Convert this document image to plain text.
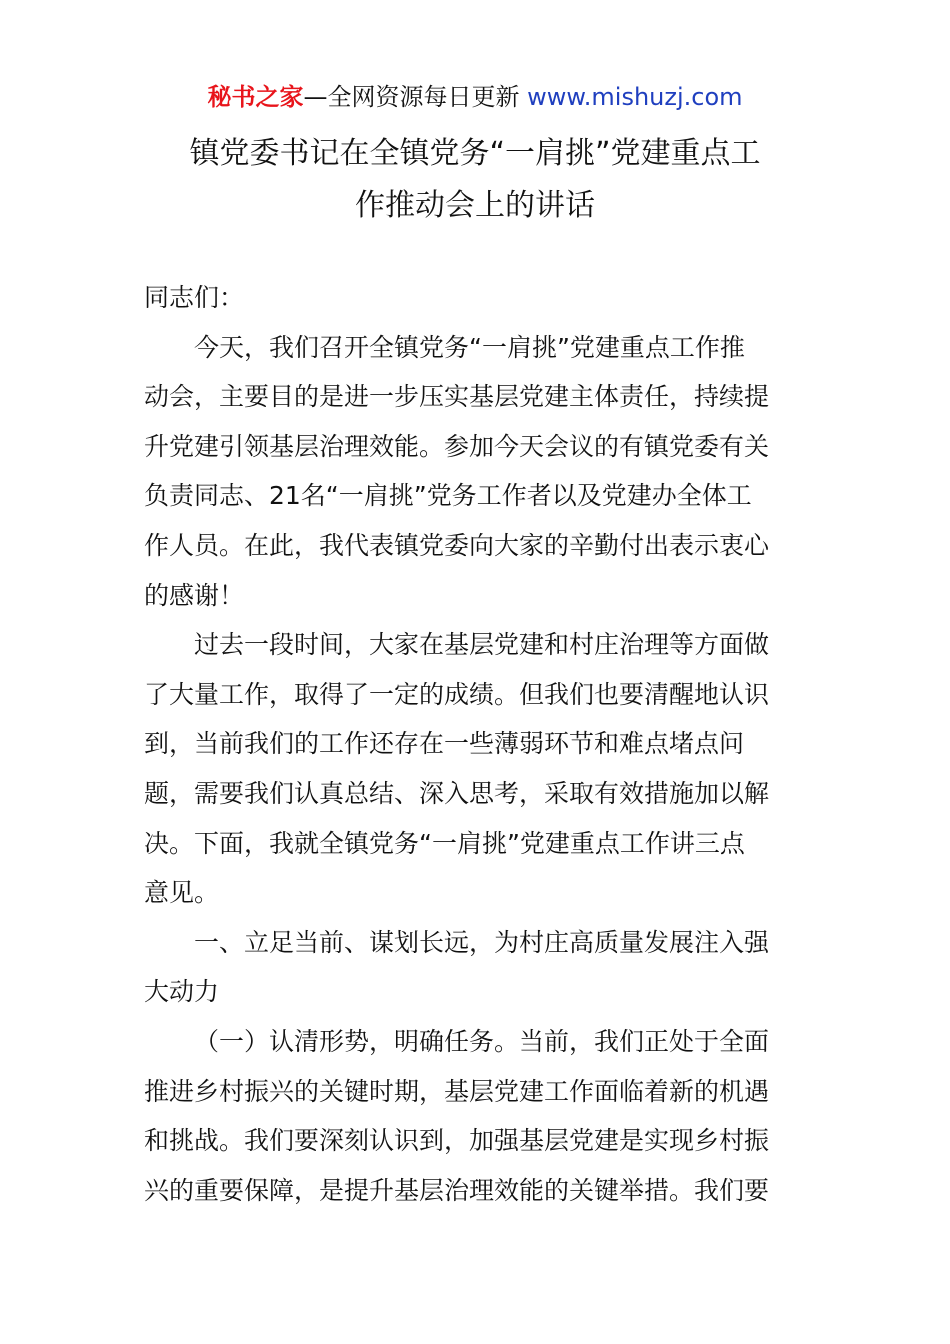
秘书之家—全网资源每日更新 www.mishuzj.com
镇党委书记在全镇党务“一肩挑”党建重点工
作推动会上的讲话
同志们：
今天，我们召开全镇党务“一肩挑”党建重点工作推
动会，主要目的是进一步压实基层党建主体责任，持续提
升党建引领基层治理效能。参加今天会议的有镇党委有关
负责同志、21名“一肩挑”党务工作者以及党建办全体工
作人员。在此，我代表镇党委向大家的辛勤付出表示衷心
的感谢！
过去一段时间，大家在基层党建和村庄治理等方面做
了大量工作，取得了一定的成绩。但我们也要清醒地认识
到，当前我们的工作还存在一些薄弱环节和难点堵点问
题，需要我们认真总结、深入思考，采取有效措施加以解
决。下面，我就全镇党务“一肩挑”党建重点工作讲三点
意见。
一、立足当前、谋划长远，为村庄高质量发展注入强
大动力
（一）认清形势，明确任务。当前，我们正处于全面
推进乡村振兴的关键时期，基层党建工作面临着新的机遇
和挑战。我们要深刻认识到，加强基层党建是实现乡村振
兴的重要保障，是提升基层治理效能的关键举措。我们要
